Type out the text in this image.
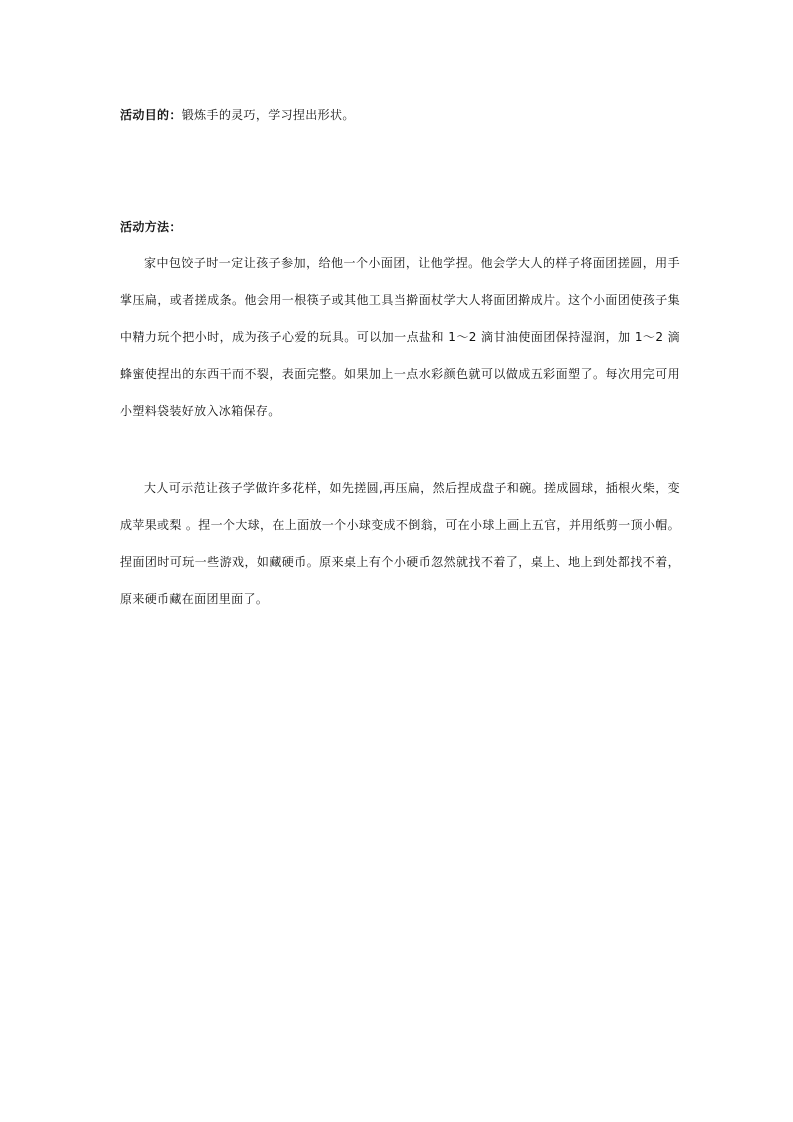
活动目的：锻炼手的灵巧，学习捏出形状。
活动方法：
家中包饺子时一定让孩子参加，给他一个小面团，让他学捏。他会学大人的样子将面团搓圆，用手掌压扁，或者搓成条。他会用一根筷子或其他工具当擀面杖学大人将面团擀成片。这个小面团使孩子集中精力玩个把小时，成为孩子心爱的玩具。可以加一点盐和 1～2 滴甘油使面团保持湿润，加 1～2 滴蜂蜜使捏出的东西干而不裂，表面完整。如果加上一点水彩颜色就可以做成五彩面塑了。每次用完可用小塑料袋装好放入冰箱保存。
大人可示范让孩子学做许多花样，如先搓圆,再压扁，然后捏成盘子和碗。搓成圆球，插根火柴，变成苹果或梨 。捏一个大球，在上面放一个小球变成不倒翁，可在小球上画上五官，并用纸剪一顶小帽。捏面团时可玩一些游戏，如藏硬币。原来桌上有个小硬币忽然就找不着了，桌上、地上到处都找不着，原来硬币藏在面团里面了。
